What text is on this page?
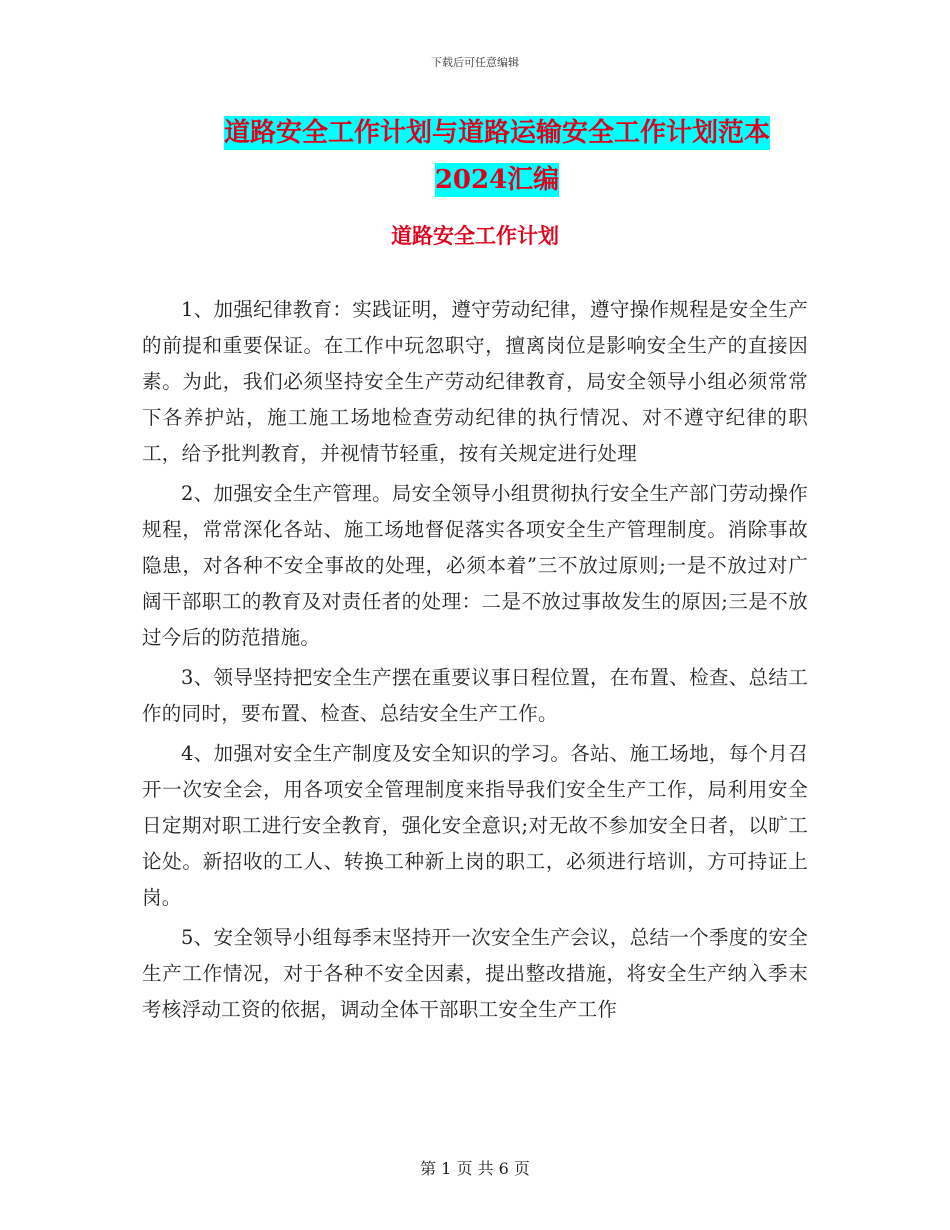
下载后可任意编辑
道路安全工作计划与道路运输安全工作计划范本2024汇编
道路安全工作计划

1、加强纪律教育：实践证明，遵守劳动纪律，遵守操作规程是安全生产的前提和重要保证。在工作中玩忽职守，擅离岗位是影响安全生产的直接因素。为此，我们必须坚持安全生产劳动纪律教育，局安全领导小组必须常常下各养护站，施工施工场地检查劳动纪律的执行情况、对不遵守纪律的职工，给予批判教育，并视情节轻重，按有关规定进行处理

2、加强安全生产管理。局安全领导小组贯彻执行安全生产部门劳动操作规程，常常深化各站、施工场地督促落实各项安全生产管理制度。消除事故隐患，对各种不安全事故的处理，必须本着”三不放过原则;一是不放过对广阔干部职工的教育及对责任者的处理：二是不放过事故发生的原因;三是不放过今后的防范措施。

3、领导坚持把安全生产摆在重要议事日程位置，在布置、检查、总结工作的同时，要布置、检查、总结安全生产工作。

4、加强对安全生产制度及安全知识的学习。各站、施工场地，每个月召开一次安全会，用各项安全管理制度来指导我们安全生产工作，局利用安全日定期对职工进行安全教育，强化安全意识;对无故不参加安全日者，以旷工论处。新招收的工人、转换工种新上岗的职工，必须进行培训，方可持证上岗。

5、安全领导小组每季末坚持开一次安全生产会议，总结一个季度的安全生产工作情况，对于各种不安全因素，提出整改措施，将安全生产纳入季末考核浮动工资的依据，调动全体干部职工安全生产工作

第 1 页 共 6 页
